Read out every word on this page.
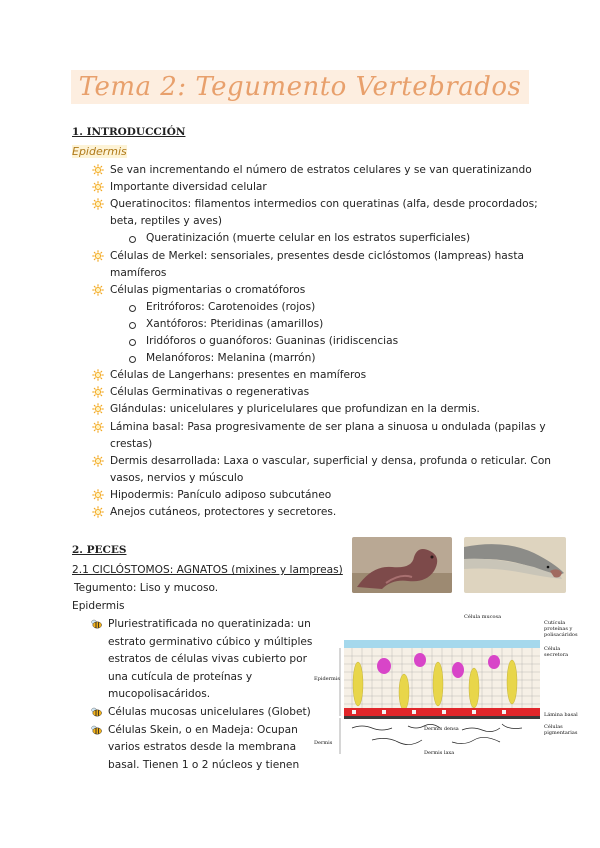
Tema 2: Tegumento Vertebrados
1. INTRODUCCIÓN
Epidermis
Se van incrementando el número de estratos celulares y se van queratinizando
Importante diversidad celular
Queratinocitos: filamentos intermedios con queratinas (alfa, desde procordados;
beta, reptiles y aves)
Queratinización (muerte celular en los estratos superficiales)
Células de Merkel: sensoriales, presentes desde ciclóstomos (lampreas) hasta
mamíferos
Células pigmentarias o cromatóforos
Eritróforos: Carotenoides (rojos)
Xantóforos: Pteridinas (amarillos)
Iridóforos o guanóforos: Guaninas (iridiscencias
Melanóforos: Melanina (marrón)
Células de Langerhans: presentes en mamíferos
Células Germinativas o regenerativas
Glándulas: unicelulares y pluricelulares que profundizan en la dermis.
Lámina basal: Pasa progresivamente de ser plana a sinuosa u ondulada (papilas y
crestas)
Dermis desarrollada: Laxa o vascular, superficial y densa, profunda o reticular. Con
vasos, nervios y músculo
Hipodermis: Panículo adiposo subcutáneo
Anejos cutáneos, protectores y secretores.
2. PECES
2.1 CICLÓSTOMOS: AGNATOS (mixines y lampreas)
Tegumento: Liso y mucoso.
Epidermis
Pluriestratificada no queratinizada: un
estrato germinativo cúbico y múltiples
estratos de células vivas cubierto por
una cutícula de proteínas y
mucopolisacáridos.
Células mucosas unicelulares (Globet)
Células Skein, o en Madeja: Ocupan
varios estratos desde la membrana
basal. Tienen 1 o 2 núcleos y tienen
Célula mucosa
Cutícula proteínas y polisacáridos
Célula secretora
Epidermis
Lámina basal
Células pigmentarias
Dermis densa
Dermis
Dermis laxa
